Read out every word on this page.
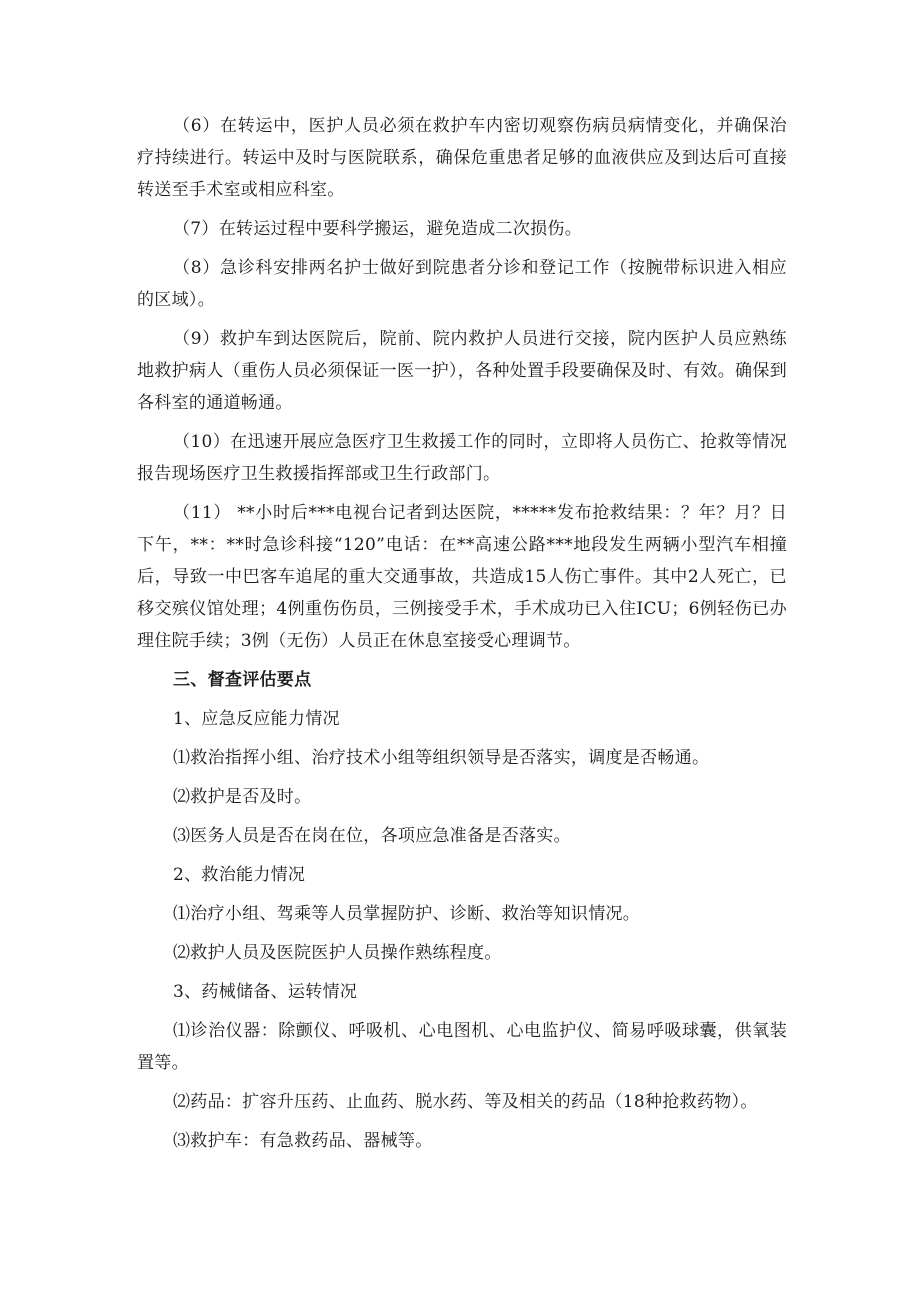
（6）在转运中，医护人员必须在救护车内密切观察伤病员病情变化，并确保治疗持续进行。转运中及时与医院联系，确保危重患者足够的血液供应及到达后可直接转送至手术室或相应科室。

（7）在转运过程中要科学搬运，避免造成二次损伤。

（8）急诊科安排两名护士做好到院患者分诊和登记工作（按腕带标识进入相应的区域）。

（9）救护车到达医院后，院前、院内救护人员进行交接，院内医护人员应熟练地救护病人（重伤人员必须保证一医一护），各种处置手段要确保及时、有效。确保到各科室的通道畅通。

（10）在迅速开展应急医疗卫生救援工作的同时，立即将人员伤亡、抢救等情况报告现场医疗卫生救援指挥部或卫生行政部门。

（11） **小时后***电视台记者到达医院，*****发布抢救结果：？年？月？日下午，**：**时急诊科接“120”电话：在**高速公路***地段发生两辆小型汽车相撞后，导致一中巴客车追尾的重大交通事故，共造成15人伤亡事件。其中2人死亡，已移交殡仪馆处理；4例重伤伤员，三例接受手术，手术成功已入住ICU；6例轻伤已办理住院手续；3例（无伤）人员正在休息室接受心理调节。

三、督查评估要点

1、应急反应能力情况

⑴救治指挥小组、治疗技术小组等组织领导是否落实，调度是否畅通。

⑵救护是否及时。

⑶医务人员是否在岗在位，各项应急准备是否落实。

2、救治能力情况

⑴治疗小组、驾乘等人员掌握防护、诊断、救治等知识情况。

⑵救护人员及医院医护人员操作熟练程度。

3、药械储备、运转情况

⑴诊治仪器：除颤仪、呼吸机、心电图机、心电监护仪、简易呼吸球囊，供氧装置等。

⑵药品：扩容升压药、止血药、脱水药、等及相关的药品（18种抢救药物）。

⑶救护车：有急救药品、器械等。
